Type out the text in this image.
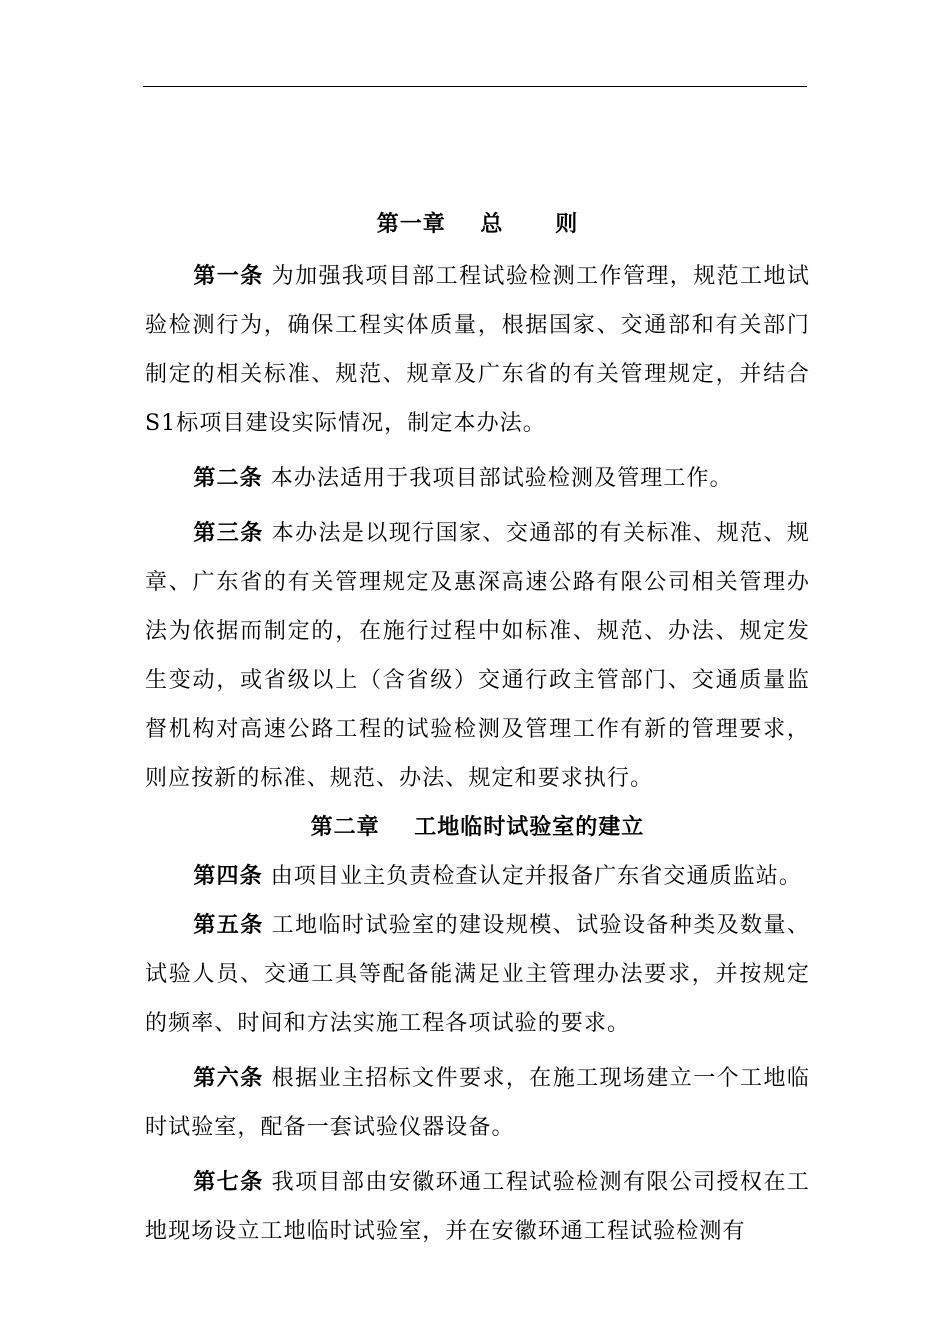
第一章    总      则

第一条 为加强我项目部工程试验检测工作管理，规范工地试验检测行为，确保工程实体质量，根据国家、交通部和有关部门制定的相关标准、规范、规章及广东省的有关管理规定，并结合S1标项目建设实际情况，制定本办法。

第二条 本办法适用于我项目部试验检测及管理工作。

第三条 本办法是以现行国家、交通部的有关标准、规范、规章、广东省的有关管理规定及惠深高速公路有限公司相关管理办法为依据而制定的，在施行过程中如标准、规范、办法、规定发生变动，或省级以上（含省级）交通行政主管部门、交通质量监督机构对高速公路工程的试验检测及管理工作有新的管理要求，则应按新的标准、规范、办法、规定和要求执行。

第二章    工地临时试验室的建立

第四条 由项目业主负责检查认定并报备广东省交通质监站。

第五条 工地临时试验室的建设规模、试验设备种类及数量、试验人员、交通工具等配备能满足业主管理办法要求，并按规定的频率、时间和方法实施工程各项试验的要求。

第六条 根据业主招标文件要求，在施工现场建立一个工地临时试验室，配备一套试验仪器设备。

第七条 我项目部由安徽环通工程试验检测有限公司授权在工地现场设立工地临时试验室，并在安徽环通工程试验检测有
